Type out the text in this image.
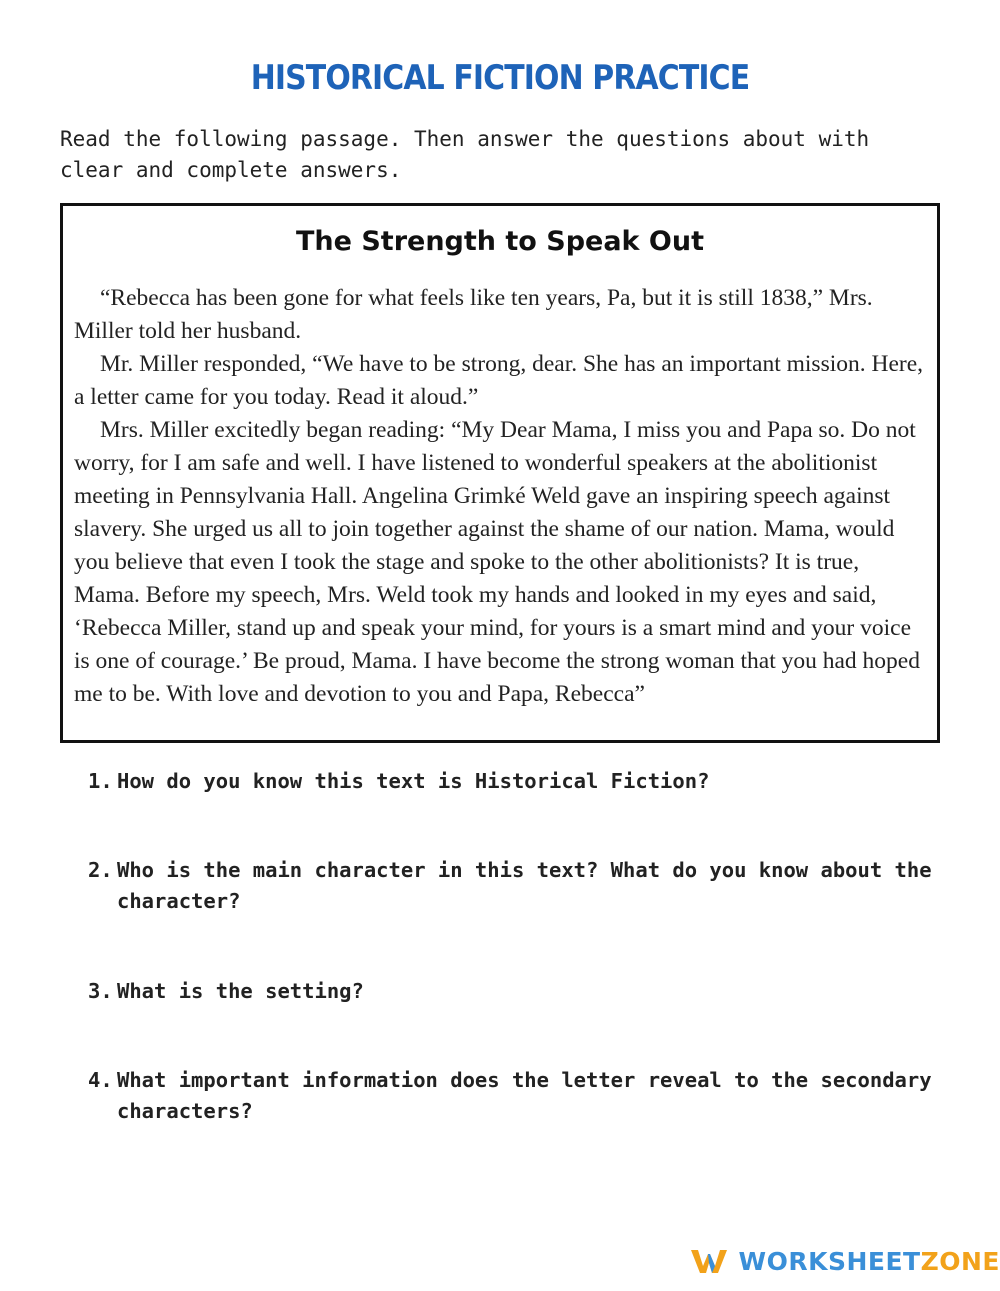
HISTORICAL FICTION PRACTICE
Read the following passage. Then answer the questions about with clear and complete answers.
The Strength to Speak Out

“Rebecca has been gone for what feels like ten years, Pa, but it is still 1838,” Mrs. Miller told her husband.

Mr. Miller responded, “We have to be strong, dear. She has an important mission. Here, a letter came for you today. Read it aloud.”

Mrs. Miller excitedly began reading: “My Dear Mama, I miss you and Papa so. Do not worry, for I am safe and well. I have listened to wonderful speakers at the abolitionist meeting in Pennsylvania Hall. Angelina Grimké Weld gave an inspiring speech against slavery. She urged us all to join together against the shame of our nation. Mama, would you believe that even I took the stage and spoke to the other abolitionists? It is true, Mama. Before my speech, Mrs. Weld took my hands and looked in my eyes and said, ‘Rebecca Miller, stand up and speak your mind, for yours is a smart mind and your voice is one of courage.’ Be proud, Mama. I have become the strong woman that you had hoped me to be. With love and devotion to you and Papa, Rebecca”

1. How do you know this text is Historical Fiction?
2. Who is the main character in this text? What do you know about the character?
3. What is the setting?
4. What important information does the letter reveal to the secondary characters?
WORKSHEETZONE
